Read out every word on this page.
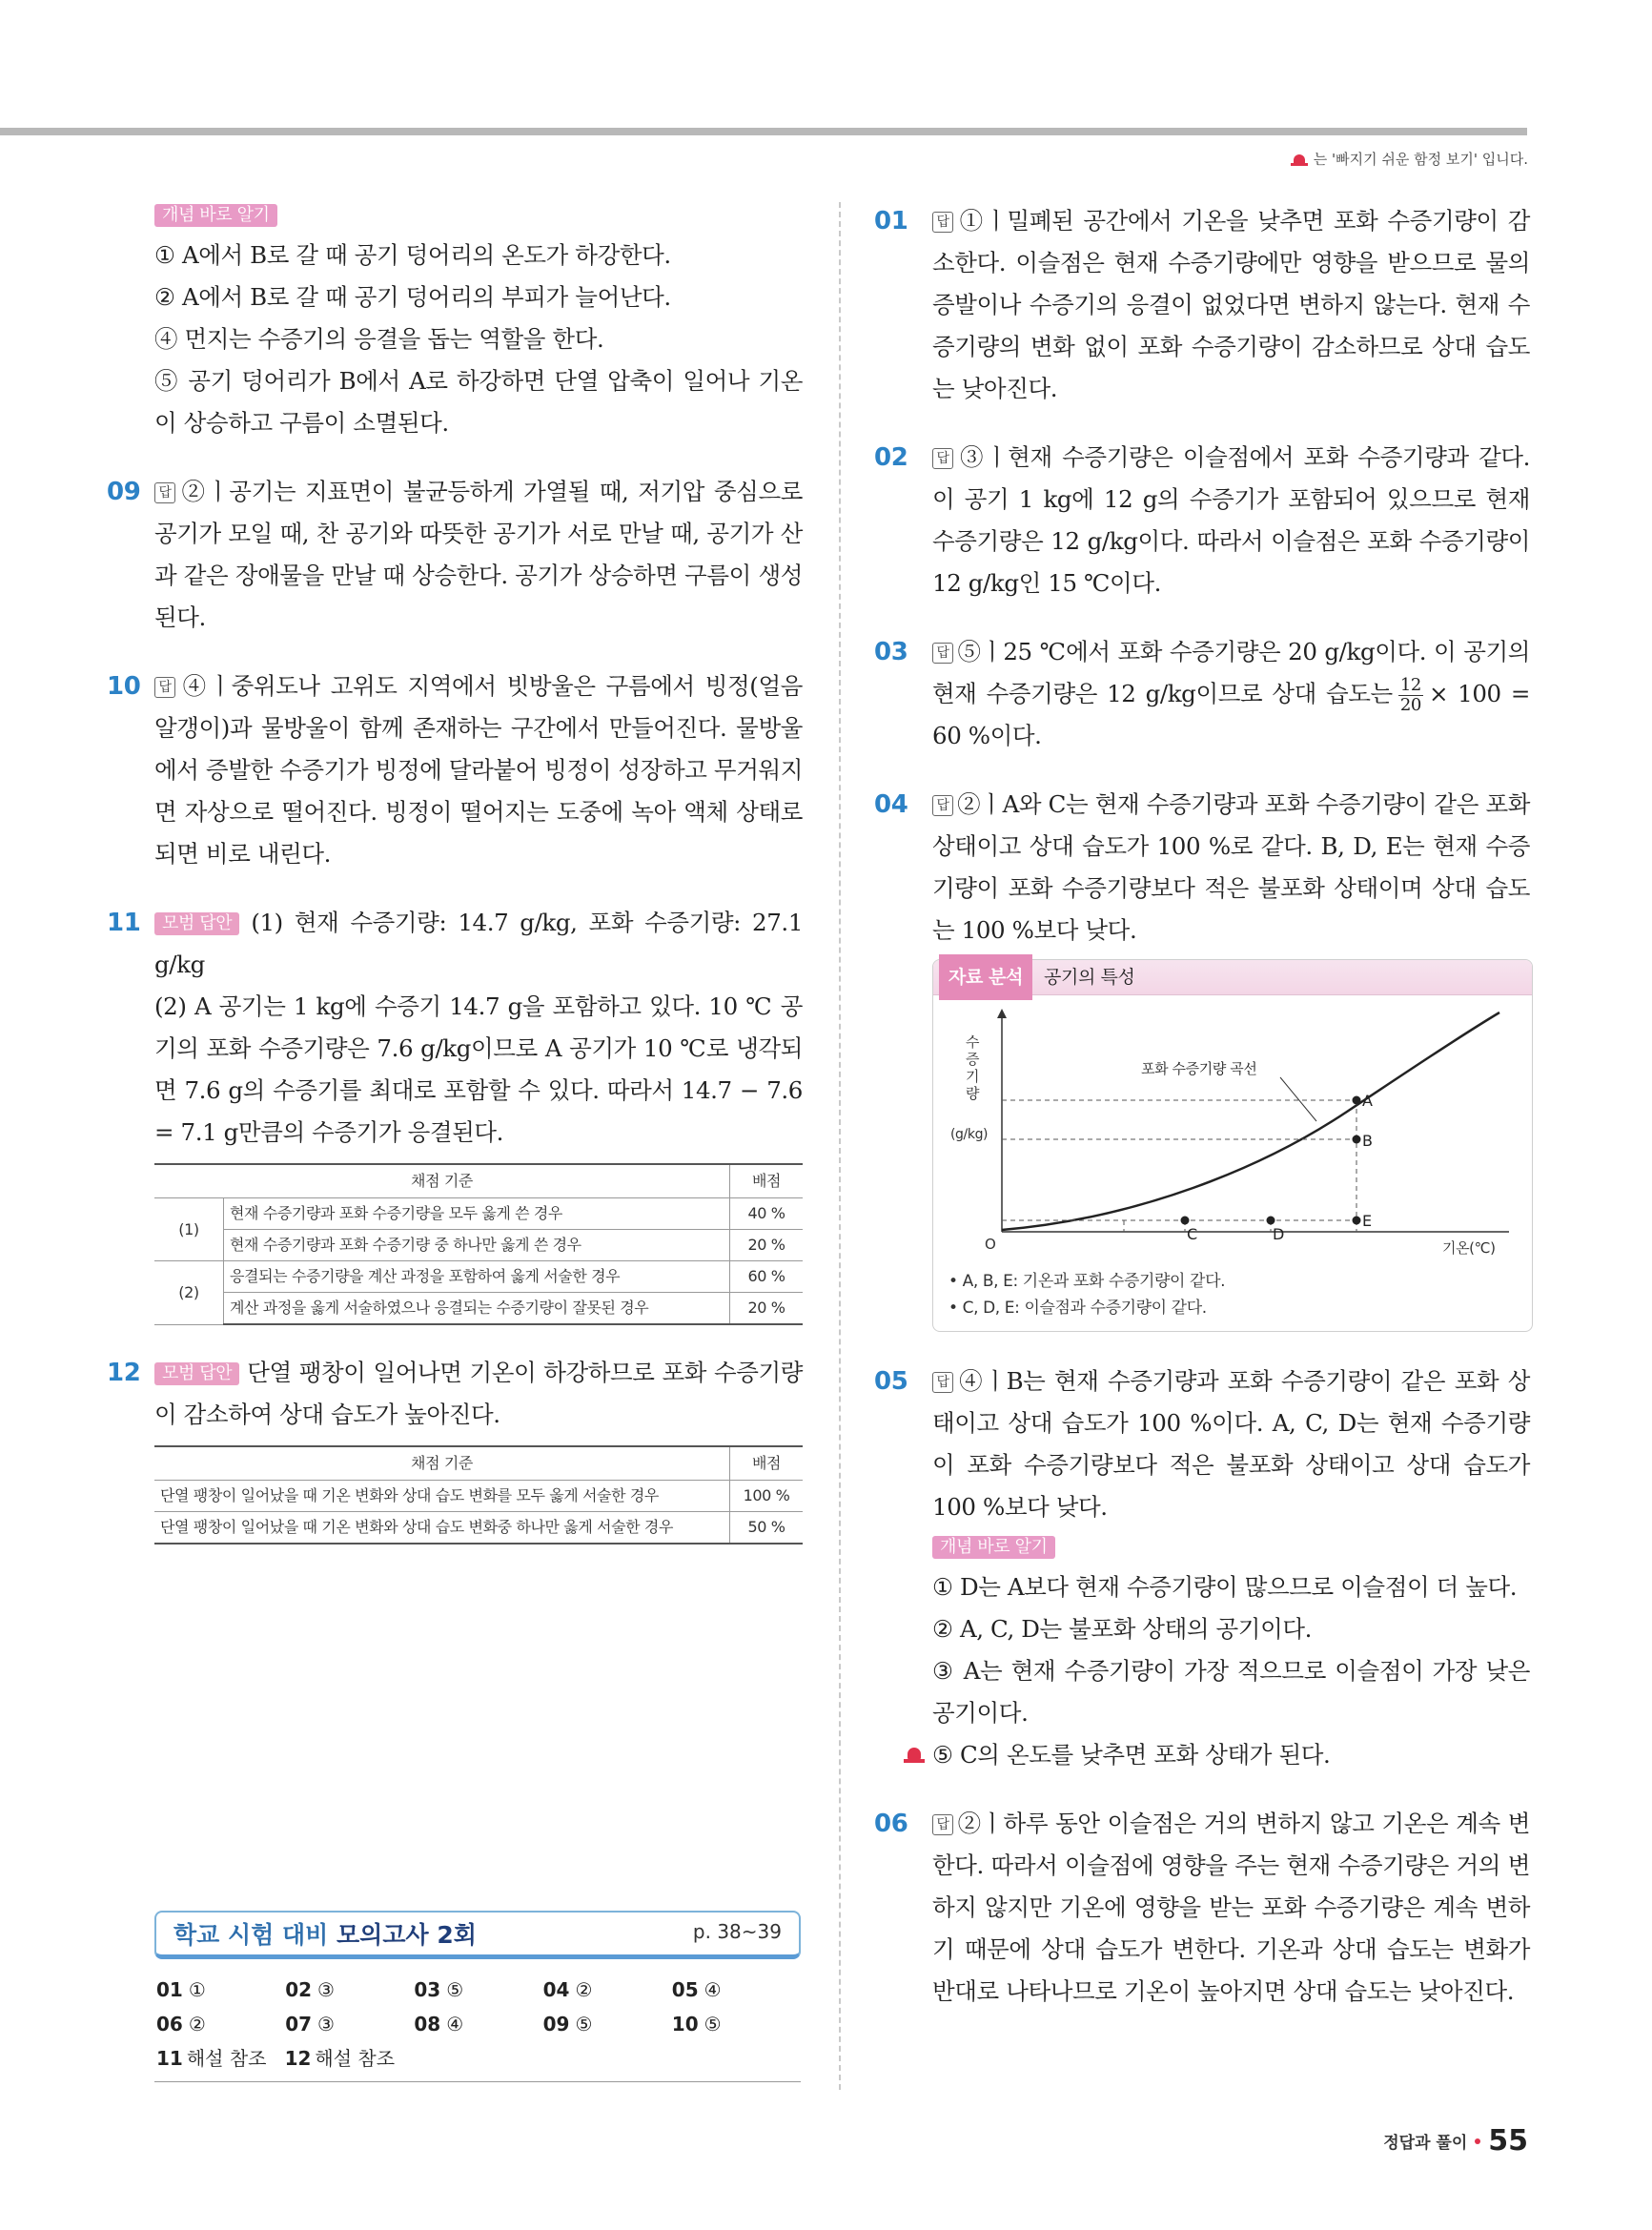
는 '빠지기 쉬운 함정 보기' 입니다.
개념 바로 알기
① A에서 B로 갈 때 공기 덩어리의 온도가 하강한다.
② A에서 B로 갈 때 공기 덩어리의 부피가 늘어난다.
④ 먼지는 수증기의 응결을 돕는 역할을 한다.
⑤ 공기 덩어리가 B에서 A로 하강하면 단열 압축이 일어나 기온이 상승하고 구름이 소멸된다.
09 답 ②ㅣ공기는 지표면이 불균등하게 가열될 때, 저기압 중심으로 공기가 모일 때, 찬 공기와 따뜻한 공기가 서로 만날 때, 공기가 산과 같은 장애물을 만날 때 상승한다. 공기가 상승하면 구름이 생성된다.
10 답 ④ㅣ중위도나 고위도 지역에서 빗방울은 구름에서 빙정(얼음 알갱이)과 물방울이 함께 존재하는 구간에서 만들어진다. 물방울에서 증발한 수증기가 빙정에 달라붙어 빙정이 성장하고 무거워지면 자상으로 떨어진다. 빙정이 떨어지는 도중에 녹아 액체 상태로 되면 비로 내린다.
11 모범 답안 (1) 현재 수증기량: 14.7 g/kg, 포화 수증기량: 27.1 g/kg
(2) A 공기는 1 kg에 수증기 14.7 g을 포함하고 있다. 10 ℃ 공기의 포화 수증기량은 7.6 g/kg이므로 A 공기가 10 ℃로 냉각되면 7.6 g의 수증기를 최대로 포함할 수 있다. 따라서 14.7 − 7.6 = 7.1 g만큼의 수증기가 응결된다.
채점 기준		배점
(1)	현재 수증기량과 포화 수증기량을 모두 옳게 쓴 경우	40 %
	현재 수증기량과 포화 수증기량 중 하나만 옳게 쓴 경우	20 %
(2)	응결되는 수증기량을 계산 과정을 포함하여 옳게 서술한 경우	60 %
	계산 과정을 옳게 서술하였으나 응결되는 수증기량이 잘못된 경우	20 %
12 모범 답안 단열 팽창이 일어나면 기온이 하강하므로 포화 수증기량이 감소하여 상대 습도가 높아진다.
채점 기준	배점
단열 팽창이 일어났을 때 기온 변화와 상대 습도 변화를 모두 옳게 서술한 경우	100 %
단열 팽창이 일어났을 때 기온 변화와 상대 습도 변화중 하나만 옳게 서술한 경우	50 %
학교 시험 대비 모의고사 2회	p. 38~39
01 ①	02 ③	03 ⑤	04 ②	05 ④
06 ②	07 ③	08 ④	09 ⑤	10 ⑤
11 해설 참조 12 해설 참조
01	답 ①ㅣ밀폐된 공간에서 기온을 낮추면 포화 수증기량이 감소한다. 이슬점은 현재 수증기량에만 영향을 받으므로 물의 증발이나 수증기의 응결이 없었다면 변하지 않는다. 현재 수증기량의 변화 없이 포화 수증기량이 감소하므로 상대 습도는 낮아진다.
02	답 ③ㅣ현재 수증기량은 이슬점에서 포화 수증기량과 같다. 이 공기 1 kg에 12 g의 수증기가 포함되어 있으므로 현재 수증기량은 12 g/kg이다. 따라서 이슬점은 포화 수증기량이 12 g/kg인 15 ℃이다.
03	답 ⑤ㅣ25 ℃에서 포화 수증기량은 20 g/kg이다. 이 공기의 현재 수증기량은 12 g/kg이므로 상대 습도는 $\frac{12}{20} \times 100 = 60$ %이다.
04	답 ②ㅣA와 C는 현재 수증기량과 포화 수증기량이 같은 포화 상태이고 상대 습도가 100 %로 같다. B, D, E는 현재 수증기량이 포화 수증기량보다 적은 불포화 상태이며 상대 습도는 100 %보다 낮다.
자료 분석	공기의 특성
수 증 기 량
(g/kg)
O	기온(℃)
A
B
C	D
E
포화 수증기량 곡선
• A, B, E: 기온과 포화 수증기량이 같다.
• C, D, E: 이슬점과 수증기량이 같다.
05	답 ④ㅣB는 현재 수증기량과 포화 수증기량이 같은 포화 상태이고 상대 습도가 100 %이다. A, C, D는 현재 수증기량이 포화 수증기량보다 적은 불포화 상태이고 상대 습도가 100 %보다 낮다.
개념 바로 알기
① D는 A보다 현재 수증기량이 많으므로 이슬점이 더 높다.
② A, C, D는 불포화 상태의 공기이다.
③ A는 현재 수증기량이 가장 적으므로 이슬점이 가장 낮은 공기이다.
⑤ C의 온도를 낮추면 포화 상태가 된다.
06	답 ②ㅣ하루 동안 이슬점은 거의 변하지 않고 기온은 계속 변한다. 따라서 이슬점에 영향을 주는 현재 수증기량은 거의 변하지 않지만 기온에 영향을 받는 포화 수증기량은 계속 변하기 때문에 상대 습도가 변한다. 기온과 상대 습도는 변화가 반대로 나타나므로 기온이 높아지면 상대 습도는 낮아진다.
정답과 풀이 55
